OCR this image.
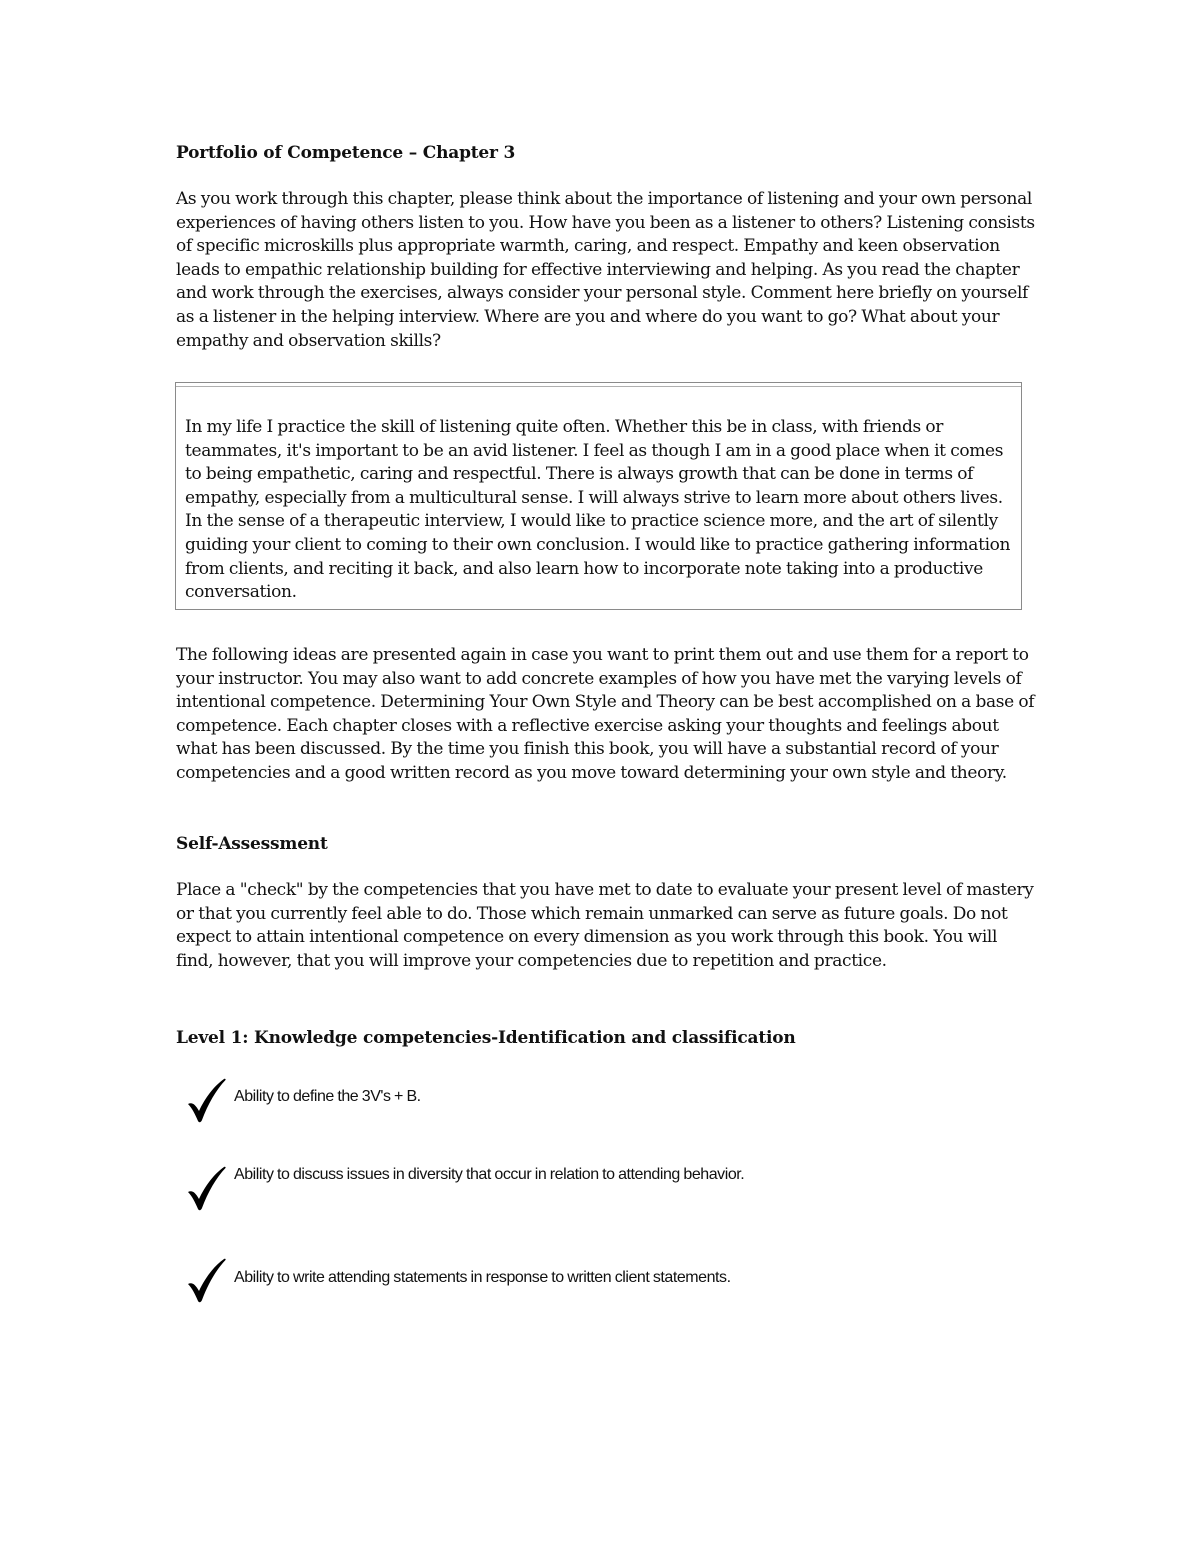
Portfolio of Competence – Chapter 3
As you work through this chapter, please think about the importance of listening and your own personal experiences of having others listen to you. How have you been as a listener to others? Listening consists of specific microskills plus appropriate warmth, caring, and respect. Empathy and keen observation leads to empathic relationship building for effective interviewing and helping. As you read the chapter and work through the exercises, always consider your personal style. Comment here briefly on yourself as a listener in the helping interview. Where are you and where do you want to go? What about your empathy and observation skills?
In my life I practice the skill of listening quite often. Whether this be in class, with friends or teammates, it's important to be an avid listener. I feel as though I am in a good place when it comes to being empathetic, caring and respectful. There is always growth that can be done in terms of empathy, especially from a multicultural sense. I will always strive to learn more about others lives. In the sense of a therapeutic interview, I would like to practice science more, and the art of silently guiding your client to coming to their own conclusion. I would like to practice gathering information from clients, and reciting it back, and also learn how to incorporate note taking into a productive conversation.
The following ideas are presented again in case you want to print them out and use them for a report to your instructor. You may also want to add concrete examples of how you have met the varying levels of intentional competence. Determining Your Own Style and Theory can be best accomplished on a base of competence. Each chapter closes with a reflective exercise asking your thoughts and feelings about what has been discussed. By the time you finish this book, you will have a substantial record of your competencies and a good written record as you move toward determining your own style and theory.
Self-Assessment
Place a "check" by the competencies that you have met to date to evaluate your present level of mastery or that you currently feel able to do. Those which remain unmarked can serve as future goals. Do not expect to attain intentional competence on every dimension as you work through this book. You will find, however, that you will improve your competencies due to repetition and practice.
Level 1: Knowledge competencies-Identification and classification
Ability to define the 3V's + B.
Ability to discuss issues in diversity that occur in relation to attending behavior.
Ability to write attending statements in response to written client statements.
